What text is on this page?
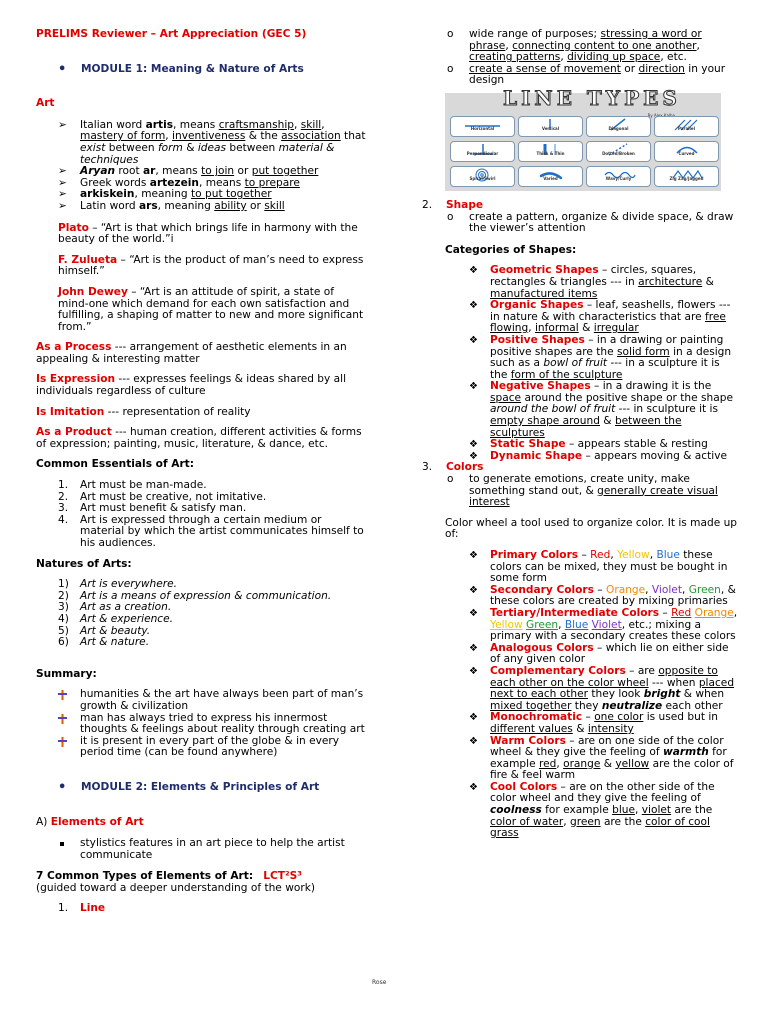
PRELIMS Reviewer – Art Appreciation (GEC 5)

• MODULE 1: Meaning & Nature of Arts

Art

➢ Italian word artis, means craftsmanship, skill, mastery of form, inventiveness & the association that exist between form & ideas between material & techniques
➢ Aryan root ar, means to join or put together
➢ Greek words artezein, means to prepare
➢ arkiskein, meaning to put together
➢ Latin word ars, meaning ability or skill

Plato – “Art is that which brings life in harmony with the beauty of the world.”i

F. Zulueta – “Art is the product of man’s need to express himself.”

John Dewey – “Art is an attitude of spirit, a state of mind-one which demand for each own satisfaction and fulfilling, a shaping of matter to new and more significant from.”

As a Process --- arrangement of aesthetic elements in an appealing & interesting matter

Is Expression --- expresses feelings & ideas shared by all individuals regardless of culture

Is Imitation --- representation of reality

As a Product --- human creation, different activities & forms of expression; painting, music, literature, & dance, etc.

Common Essentials of Art:

1.	Art must be man-made.
2.	Art must be creative, not imitative.
3.	Art must benefit & satisfy man.
4.	Art is expressed through a certain medium or material by which the artist communicates himself to his audiences.

Natures of Arts:

1)	Art is everywhere.
2)	Art is a means of expression & communication.
3)	Art as a creation.
4)	Art & experience.
5)	Art & beauty.
6)	Art & nature.

Summary:

humanities & the art have always been part of man’s growth & civilization
man has always tried to express his innermost thoughts & feelings about reality through creating art
it is present in every part of the globe & in every period time (can be found anywhere)

• MODULE 2: Elements & Principles of Art

A) Elements of Art

stylistics features in an art piece to help the artist communicate

7 Common Types of Elements of Art: LCT²S³

(guided toward a deeper understanding of the work)

1.	Line
o wide range of purposes; stressing a word or phrase, connecting content to one another, creating patterns, dividing up space, etc.
o create a sense of movement or direction in your design
LINE TYPES
By
Horizontal	Vertical	Diagonal	Parallel
Perpendicular	Thick & Thin	Dotted/Broken	Curved
Spiral/Swirl	Varied	Wavy/Curly	Zig Zag/Jagged

2. Shape

o create a pattern, organize & divide space, & draw the viewer’s attention

Categories of Shapes:

❖ Geometric Shapes – circles, squares, rectangles & triangles --- in architecture & manufactured items
❖ Organic Shapes – leaf, seashells, flowers --- in nature & with characteristics that are free flowing, informal & irregular
❖ Positive Shapes – in a drawing or painting positive shapes are the solid form in a design such as a bowl of fruit --- in a sculpture it is the form of the sculpture
❖ Negative Shapes – in a drawing it is the space around the positive shape or the shape around the bowl of fruit --- in sculpture it is empty shape around & between the sculptures
❖ Static Shape – appears stable & resting
❖ Dynamic Shape – appears moving & active

3. Colors

o to generate emotions, create unity, make something stand out, & generally create visual interest

Color wheel a tool used to organize color. It is made up of:

❖ Primary Colors – Red, Yellow, Blue these colors can be mixed, they must be bought in some form
❖ Secondary Colors – Orange, Violet, Green, & these colors are created by mixing primaries
❖ Tertiary/Intermediate Colors – Red Orange, Yellow Green, Blue Violet, etc.; mixing a primary with a secondary creates these colors
❖ Analogous Colors – which lie on either side of any given color
❖ Complementary Colors – are opposite to each other on the color wheel --- when placed next to each other they look bright & when mixed together they neutralize each other
❖ Monochromatic – one color is used but in different values & intensity
❖ Warm Colors – are on one side of the color wheel & they give the feeling of warmth for example red, orange & yellow are the color of fire & feel warm
❖ Cool Colors – are on the other side of the color wheel and they give the feeling of coolness for example blue, violet are the color of water, green are the color of cool grass
Rose
